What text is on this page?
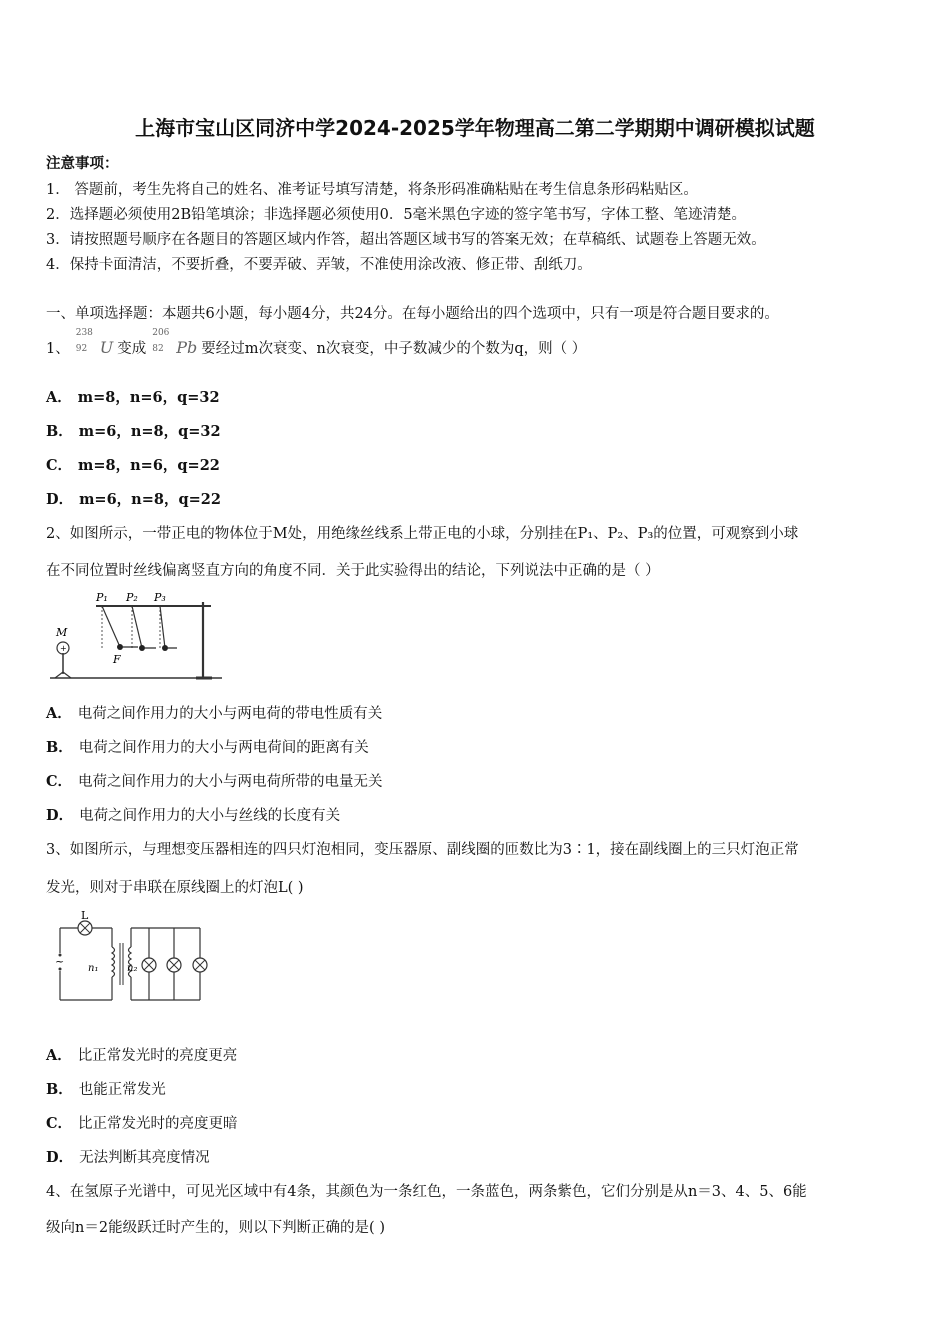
上海市宝山区同济中学2024-2025学年物理高二第二学期期中调研模拟试题
注意事项：
1． 答题前，考生先将自己的姓名、准考证号填写清楚，将条形码准确粘贴在考生信息条形码粘贴区。
2．选择题必须使用2B铅笔填涂；非选择题必须使用0．5毫米黑色字迹的签字笔书写，字体工整、笔迹清楚。
3．请按照题号顺序在各题目的答题区域内作答，超出答题区域书写的答案无效；在草稿纸、试题卷上答题无效。
4．保持卡面清洁，不要折叠，不要弄破、弄皱，不准使用涂改液、修正带、刮纸刀。
一、单项选择题：本题共6小题，每小题4分，共24分。在每小题给出的四个选项中，只有一项是符合题目要求的。
1、
238
92 U 变成
206
82 Pb 要经过m次衰变、n次衰变，中子数减少的个数为q，则（ ）
A． m=8，n=6，q=32
B． m=6，n=8，q=32
C． m=8，n=6，q=22
D． m=6，n=8，q=22
2、如图所示，一带正电的物体位于M处，用绝缘丝线系上带正电的小球，分别挂在P₁、P₂、P₃的位置，可观察到小球
在不同位置时丝线偏离竖直方向的角度不同．关于此实验得出的结论，下列说法中正确的是（ ）
M
+
P₁ P₂ P₃
F
A． 电荷之间作用力的大小与两电荷的带电性质有关
B． 电荷之间作用力的大小与两电荷间的距离有关
C． 电荷之间作用力的大小与两电荷所带的电量无关
D． 电荷之间作用力的大小与丝线的长度有关
3、如图所示，与理想变压器相连的四只灯泡相同，变压器原、副线圈的匝数比为3∶1，接在副线圈上的三只灯泡正常
发光，则对于串联在原线圈上的灯泡L( )
L
~
n₁	n₂
A． 比正常发光时的亮度更亮
B． 也能正常发光
C． 比正常发光时的亮度更暗
D． 无法判断其亮度情况
4、在氢原子光谱中，可见光区域中有4条，其颜色为一条红色，一条蓝色，两条紫色，它们分别是从n＝3、4、5、6能
级向n＝2能级跃迁时产生的，则以下判断正确的是( )
